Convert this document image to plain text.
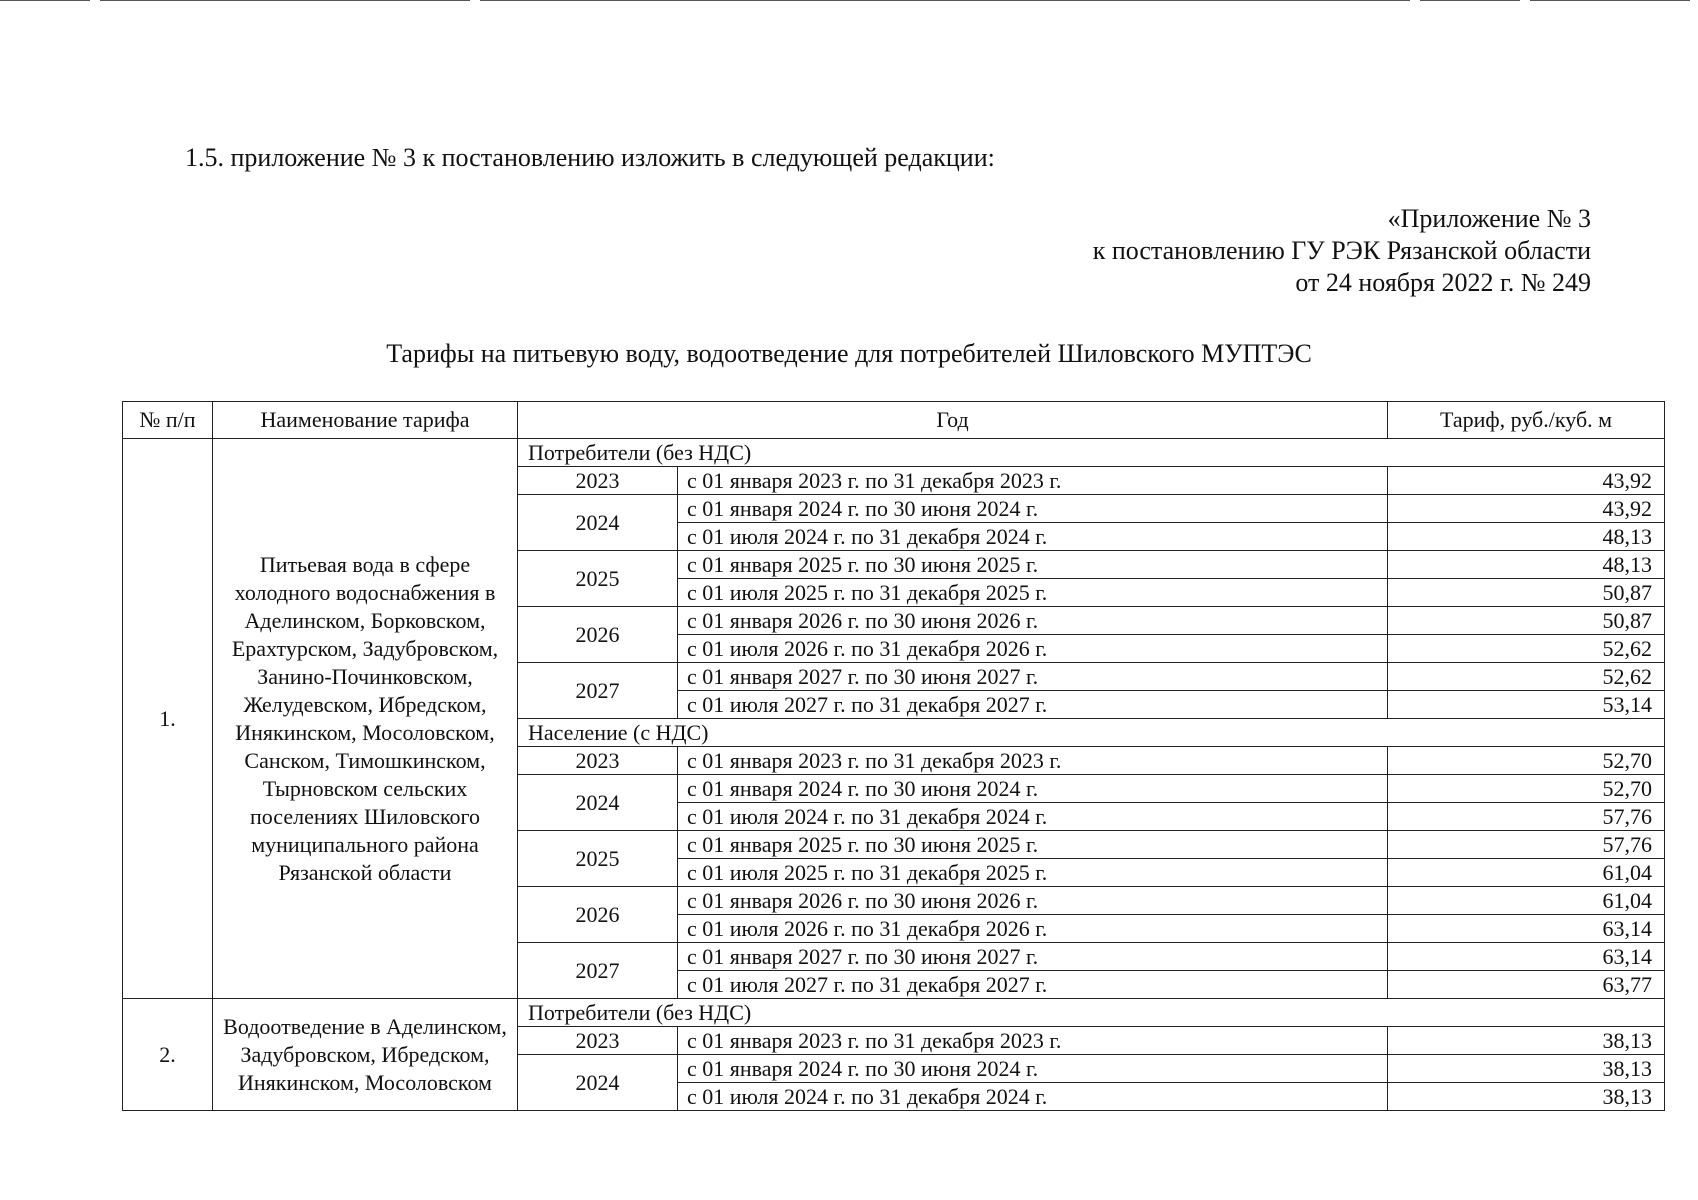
1.5. приложение № 3 к постановлению изложить в следующей редакции:
«Приложение № 3
к постановлению ГУ РЭК Рязанской области
от 24 ноября 2022 г. № 249
Тарифы на питьевую воду, водоотведение для потребителей Шиловского МУПТЭС
№ п/п	Наименование тарифа	Год		Тариф, руб./куб. м
1.	Питьевая вода в сфере холодного водоснабжения в Аделинском, Борковском, Ерахтурском, Задубровском, Занино-Починковском, Желудевском, Ибредском, Инякинском, Мосоловском, Санском, Тимошкинском, Тырновском сельских поселениях Шиловского муниципального района Рязанской области	Потребители (без НДС)		
		2023	с 01 января 2023 г. по 31 декабря 2023 г.	43,92
		2024	с 01 января 2024 г. по 30 июня 2024 г.	43,92
			с 01 июля 2024 г. по 31 декабря 2024 г.	48,13
		2025	с 01 января 2025 г. по 30 июня 2025 г.	48,13
			с 01 июля 2025 г. по 31 декабря 2025 г.	50,87
		2026	с 01 января 2026 г. по 30 июня 2026 г.	50,87
			с 01 июля 2026 г. по 31 декабря 2026 г.	52,62
		2027	с 01 января 2027 г. по 30 июня 2027 г.	52,62
			с 01 июля 2027 г. по 31 декабря 2027 г.	53,14
		Население (с НДС)		
		2023	с 01 января 2023 г. по 31 декабря 2023 г.	52,70
		2024	с 01 января 2024 г. по 30 июня 2024 г.	52,70
			с 01 июля 2024 г. по 31 декабря 2024 г.	57,76
		2025	с 01 января 2025 г. по 30 июня 2025 г.	57,76
			с 01 июля 2025 г. по 31 декабря 2025 г.	61,04
		2026	с 01 января 2026 г. по 30 июня 2026 г.	61,04
			с 01 июля 2026 г. по 31 декабря 2026 г.	63,14
		2027	с 01 января 2027 г. по 30 июня 2027 г.	63,14
			с 01 июля 2027 г. по 31 декабря 2027 г.	63,77
2.	Водоотведение в Аделинском, Задубровском, Ибредском, Инякинском, Мосоловском	Потребители (без НДС)		
		2023	с 01 января 2023 г. по 31 декабря 2023 г.	38,13
		2024	с 01 января 2024 г. по 30 июня 2024 г.	38,13
			с 01 июля 2024 г. по 31 декабря 2024 г.	38,13
